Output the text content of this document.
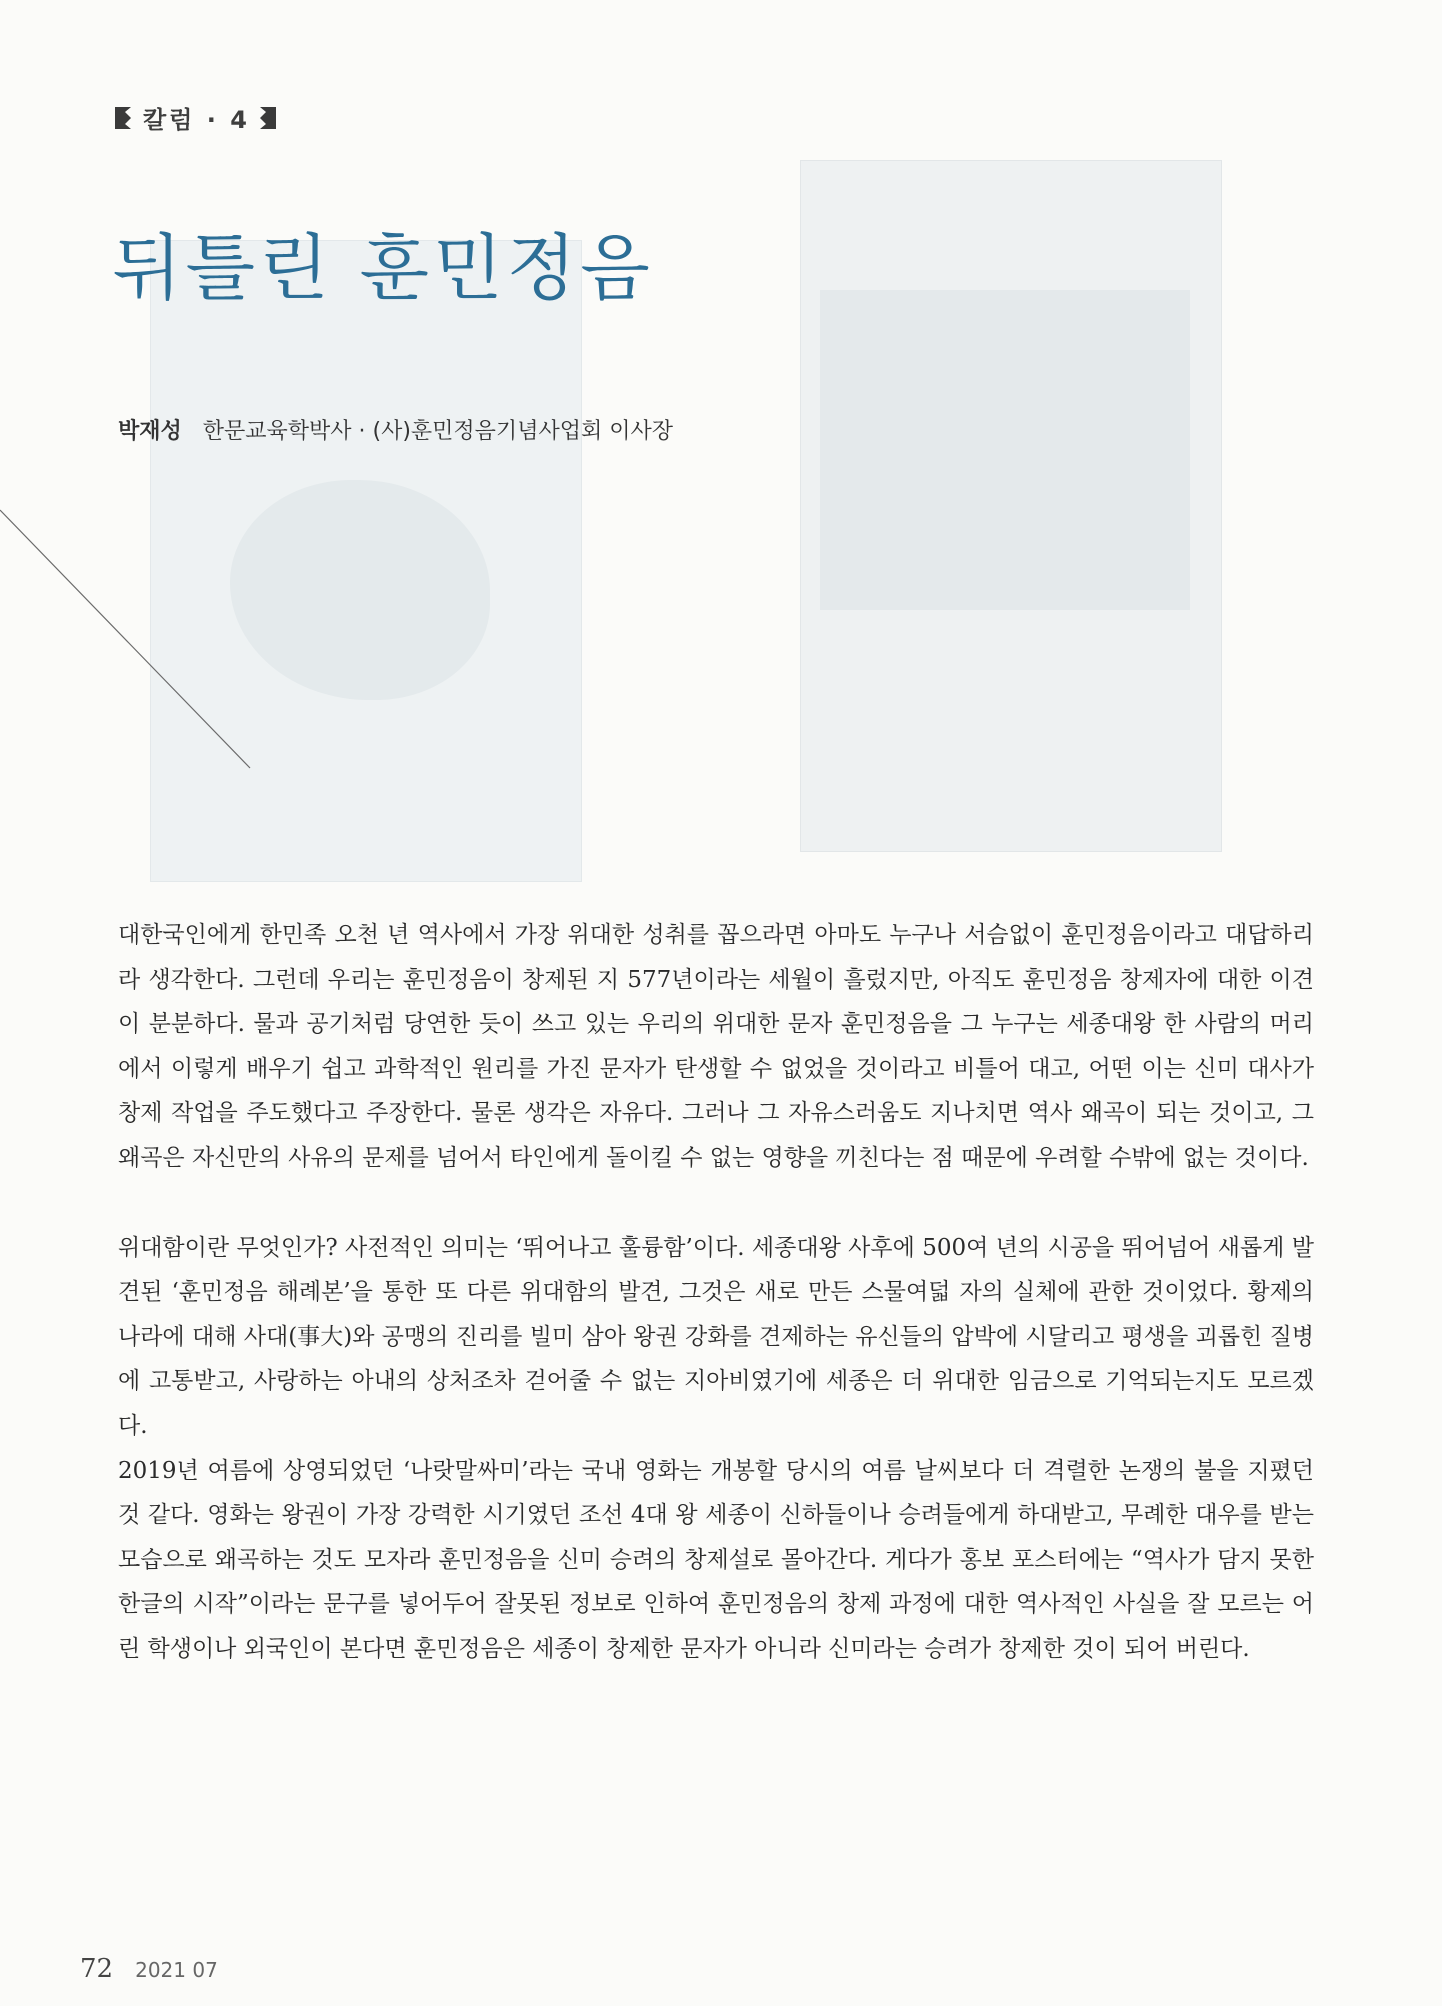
칼럼 · 4
뒤틀린 훈민정음
박재성 한문교육학박사 · (사)훈민정음기념사업회 이사장

대한국인에게 한민족 오천 년 역사에서 가장 위대한 성취를 꼽으라면 아마도 누구나 서슴없이 훈민정음이라고 대답하리라 생각한다. 그런데 우리는 훈민정음이 창제된 지 577년이라는 세월이 흘렀지만, 아직도 훈민정음 창제자에 대한 이견이 분분하다. 물과 공기처럼 당연한 듯이 쓰고 있는 우리의 위대한 문자 훈민정음을 그 누구는 세종대왕 한 사람의 머리에서 이렇게 배우기 쉽고 과학적인 원리를 가진 문자가 탄생할 수 없었을 것이라고 비틀어 대고, 어떤 이는 신미 대사가 창제 작업을 주도했다고 주장한다. 물론 생각은 자유다. 그러나 그 자유스러움도 지나치면 역사 왜곡이 되는 것이고, 그 왜곡은 자신만의 사유의 문제를 넘어서 타인에게 돌이킬 수 없는 영향을 끼친다는 점 때문에 우려할 수밖에 없는 것이다.

위대함이란 무엇인가? 사전적인 의미는 ‘뛰어나고 훌륭함’이다. 세종대왕 사후에 500여 년의 시공을 뛰어넘어 새롭게 발견된 ‘훈민정음 해례본’을 통한 또 다른 위대함의 발견, 그것은 새로 만든 스물여덟 자의 실체에 관한 것이었다. 황제의 나라에 대해 사대(事大)와 공맹의 진리를 빌미 삼아 왕권 강화를 견제하는 유신들의 압박에 시달리고 평생을 괴롭힌 질병에 고통받고, 사랑하는 아내의 상처조차 걷어줄 수 없는 지아비였기에 세종은 더 위대한 임금으로 기억되는지도 모르겠다.

2019년 여름에 상영되었던 ‘나랏말싸미’라는 국내 영화는 개봉할 당시의 여름 날씨보다 더 격렬한 논쟁의 불을 지폈던 것 같다. 영화는 왕권이 가장 강력한 시기였던 조선 4대 왕 세종이 신하들이나 승려들에게 하대받고, 무례한 대우를 받는 모습으로 왜곡하는 것도 모자라 훈민정음을 신미 승려의 창제설로 몰아간다. 게다가 홍보 포스터에는 “역사가 담지 못한 한글의 시작”이라는 문구를 넣어두어 잘못된 정보로 인하여 훈민정음의 창제 과정에 대한 역사적인 사실을 잘 모르는 어린 학생이나 외국인이 본다면 훈민정음은 세종이 창제한 문자가 아니라 신미라는 승려가 창제한 것이 되어 버린다.

72 2021 07
